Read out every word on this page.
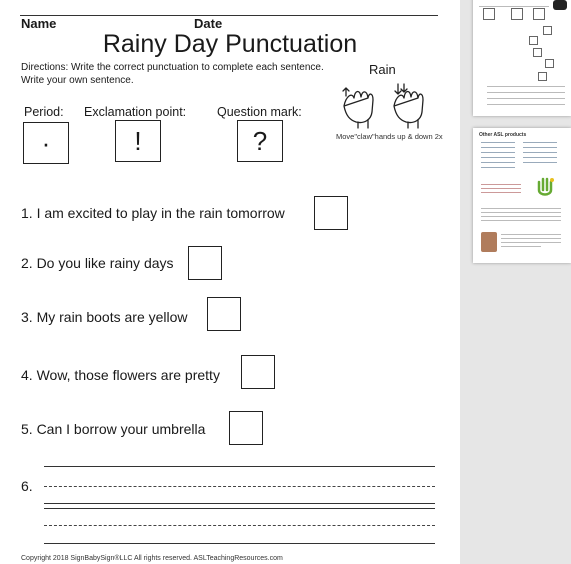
Name	Date
Rainy Day Punctuation
Directions: Write the correct punctuation to complete each sentence.
Write your own sentence.
Rain
Move"claw"hands up & down 2x
Period: Exclamation point: Question mark:
·	!	?
1. I am excited to play in the rain tomorrow
2. Do you like rainy days
3. My rain boots are yellow
4. Wow, those flowers are pretty
5. Can I borrow your umbrella
6.
Copyright 2018 SignBabySign®LLC All rights reserved. ASLTeachingResources.com
Other ASL products
